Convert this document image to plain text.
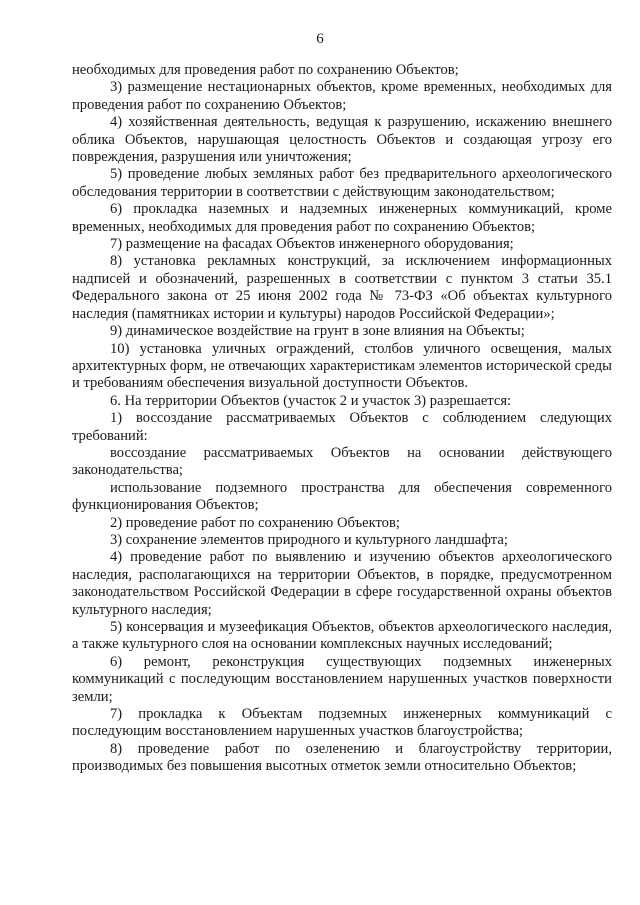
6

необходимых для проведения работ по сохранению Объектов;

3) размещение нестационарных объектов, кроме временных, необходимых для проведения работ по сохранению Объектов;

4) хозяйственная деятельность, ведущая к разрушению, искажению внешнего облика Объектов, нарушающая целостность Объектов и создающая угрозу его повреждения, разрушения или уничтожения;

5) проведение любых земляных работ без предварительного археологического обследования территории в соответствии с действующим законодательством;

6) прокладка наземных и надземных инженерных коммуникаций, кроме временных, необходимых для проведения работ по сохранению Объектов;

7) размещение на фасадах Объектов инженерного оборудования;

8) установка рекламных конструкций, за исключением информационных надписей и обозначений, разрешенных в соответствии с пунктом 3 статьи 35.1 Федерального закона от 25 июня 2002 года № 73-ФЗ «Об объектах культурного наследия (памятниках истории и культуры) народов Российской Федерации»;

9) динамическое воздействие на грунт в зоне влияния на Объекты;

10) установка уличных ограждений, столбов уличного освещения, малых архитектурных форм, не отвечающих характеристикам элементов исторической среды и требованиям обеспечения визуальной доступности Объектов.

6. На территории Объектов (участок 2 и участок 3) разрешается:

1) воссоздание рассматриваемых Объектов с соблюдением следующих требований:

воссоздание рассматриваемых Объектов на основании действующего законодательства;

использование подземного пространства для обеспечения современного функционирования Объектов;

2) проведение работ по сохранению Объектов;

3) сохранение элементов природного и культурного ландшафта;

4) проведение работ по выявлению и изучению объектов археологического наследия, располагающихся на территории Объектов, в порядке, предусмотренном законодательством Российской Федерации в сфере государственной охраны объектов культурного наследия;

5) консервация и музеефикация Объектов, объектов археологического наследия, а также культурного слоя на основании комплексных научных исследований;

6) ремонт, реконструкция существующих подземных инженерных коммуникаций с последующим восстановлением нарушенных участков поверхности земли;

7) прокладка к Объектам подземных инженерных коммуникаций с последующим восстановлением нарушенных участков благоустройства;

8) проведение работ по озеленению и благоустройству территории, производимых без повышения высотных отметок земли относительно Объектов;
